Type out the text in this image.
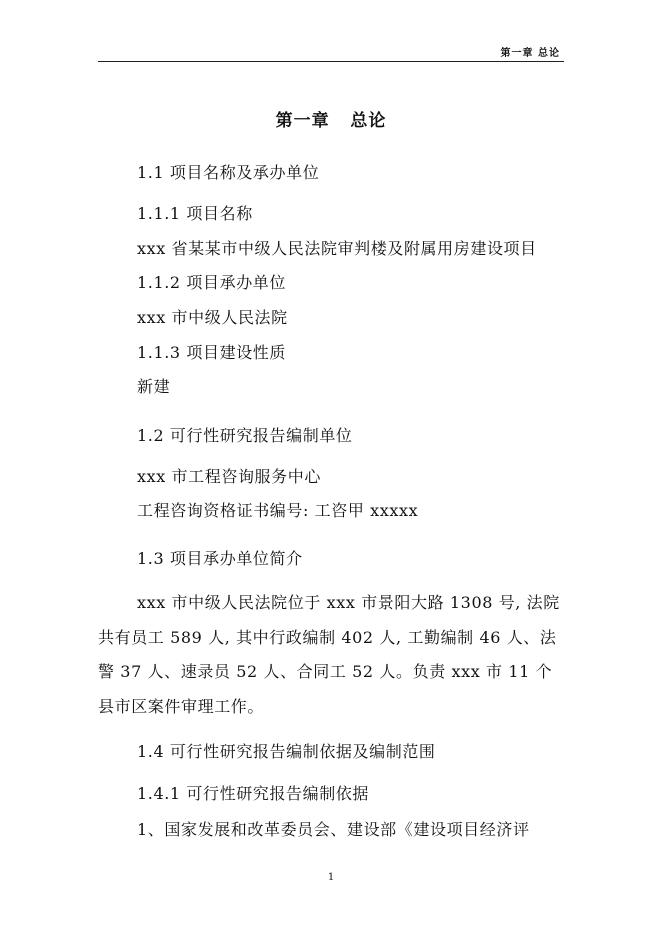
第一章 总论
第一章   总论
1.1 项目名称及承办单位
1.1.1 项目名称
xxx 省某某市中级人民法院审判楼及附属用房建设项目
1.1.2 项目承办单位
xxx 市中级人民法院
1.1.3 项目建设性质
新建
1.2 可行性研究报告编制单位
xxx 市工程咨询服务中心
工程咨询资格证书编号: 工咨甲 xxxxx
1.3 项目承办单位简介

xxx 市中级人民法院位于 xxx 市景阳大路 1308 号, 法院共有员工 589 人, 其中行政编制 402 人, 工勤编制 46 人、法警 37 人、速录员 52 人、合同工 52 人。负责 xxx 市 11 个县市区案件审理工作。

1.4 可行性研究报告编制依据及编制范围
1.4.1 可行性研究报告编制依据
1、国家发展和改革委员会、建设部《建设项目经济评
1
